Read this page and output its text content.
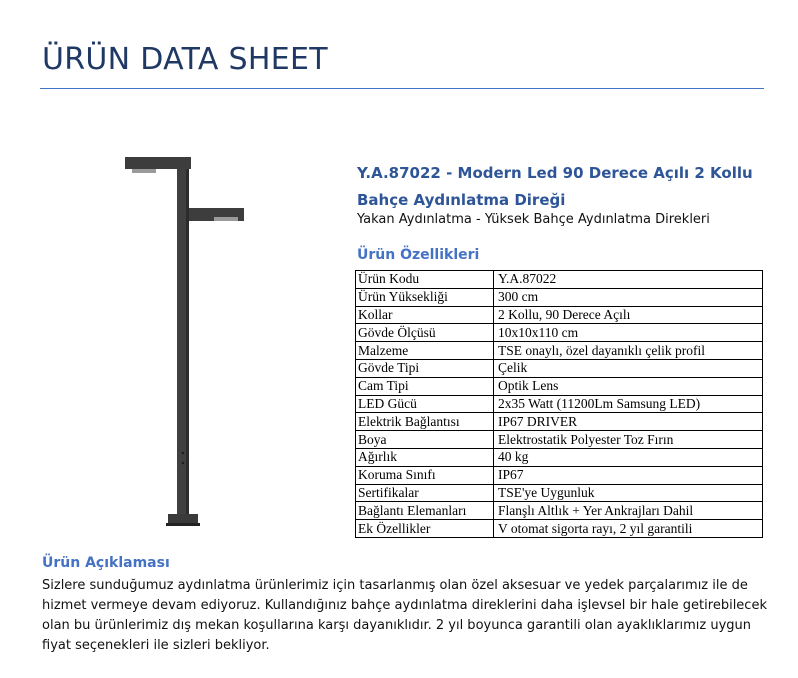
ÜRÜN DATA SHEET
Y.A.87022 - Modern Led 90 Derece Açılı 2 Kollu Bahçe Aydınlatma Direği
Yakan Aydınlatma - Yüksek Bahçe Aydınlatma Direkleri
Ürün Özellikleri
Ürün Kodu	Y.A.87022
Ürün Yüksekliği	300 cm
Kollar	2 Kollu, 90 Derece Açılı
Gövde Ölçüsü	10x10x110 cm
Malzeme	TSE onaylı, özel dayanıklı çelik profil
Gövde Tipi	Çelik
Cam Tipi	Optik Lens
LED Gücü	2x35 Watt (11200Lm Samsung LED)
Elektrik Bağlantısı	IP67 DRIVER
Boya	Elektrostatik Polyester Toz Fırın
Ağırlık	40 kg
Koruma Sınıfı	IP67
Sertifikalar	TSE'ye Uygunluk
Bağlantı Elemanları	Flanşlı Altlık + Yer Ankrajları Dahil
Ek Özellikler	V otomat sigorta rayı, 2 yıl garantili
Ürün Açıklaması

Sizlere sunduğumuz aydınlatma ürünlerimiz için tasarlanmış olan özel aksesuar ve yedek parçalarımız ile de hizmet vermeye devam ediyoruz. Kullandığınız bahçe aydınlatma direklerini daha işlevsel bir hale getirebilecek olan bu ürünlerimiz dış mekan koşullarına karşı dayanıklıdır. 2 yıl boyunca garantili olan ayaklıklarımız uygun fiyat seçenekleri ile sizleri bekliyor.
